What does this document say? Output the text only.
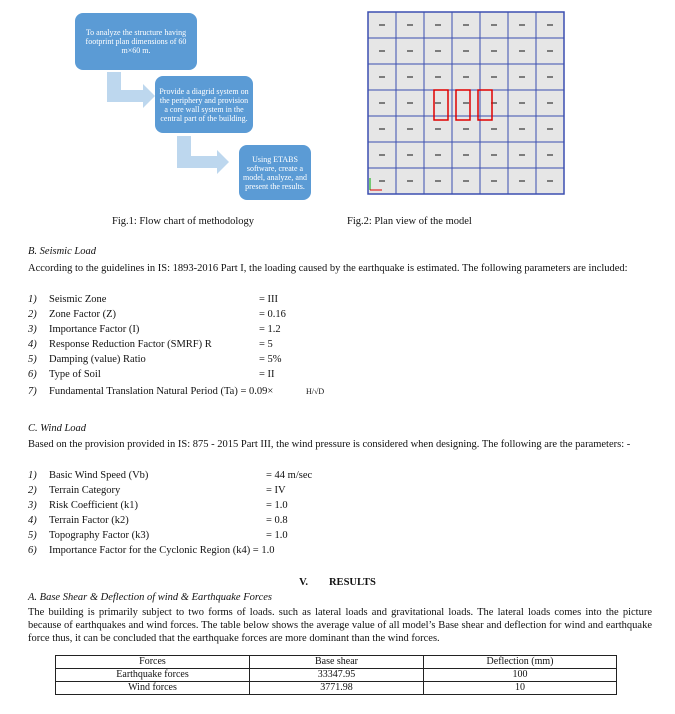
To analyze the structure having footprint plan dimensions of 60 m×60 m.
Provide a diagrid system on the periphery and provision a core wall system in the central part of the building.
Using ETABS software, create a model, analyze, and present the results.
Fig.1: Flow chart of methodology	Fig.2: Plan view of the model
B. Seismic Load
According to the guidelines in IS: 1893-2016 Part I, the loading caused by the earthquake is estimated. The following parameters are included:
1) Seismic Zone	= III
2) Zone Factor (Z)	= 0.16
3) Importance Factor (I)	= 1.2
4) Response Reduction Factor (SMRF) R	= 5
5) Damping (value) Ratio	= 5%
6) Type of Soil	= II
7) Fundamental Translation Natural Period (Ta) = 0.09×	H/√D
C. Wind Load
Based on the provision provided in IS: 875 - 2015 Part III, the wind pressure is considered when designing. The following are the parameters: -
1) Basic Wind Speed (Vb)	= 44 m/sec
2) Terrain Category	= IV
3) Risk Coefficient (k1)	= 1.0
4) Terrain Factor (k2)	= 0.8
5) Topography Factor (k3)	= 1.0
6) Importance Factor for the Cyclonic Region (k4) = 1.0
V.        RESULTS
A. Base Shear & Deflection of wind & Earthquake Forces
The building is primarily subject to two forms of loads. such as lateral loads and gravitational loads. The lateral loads comes into the picture because of earthquakes and wind forces. The table below shows the average value of all model’s Base shear and deflection for wind and earthquake force thus, it can be concluded that the earthquake forces are more dominant than the wind forces.
Forces	Base shear	Deflection (mm)
Earthquake forces	33347.95	100
Wind forces	3771.98	10
